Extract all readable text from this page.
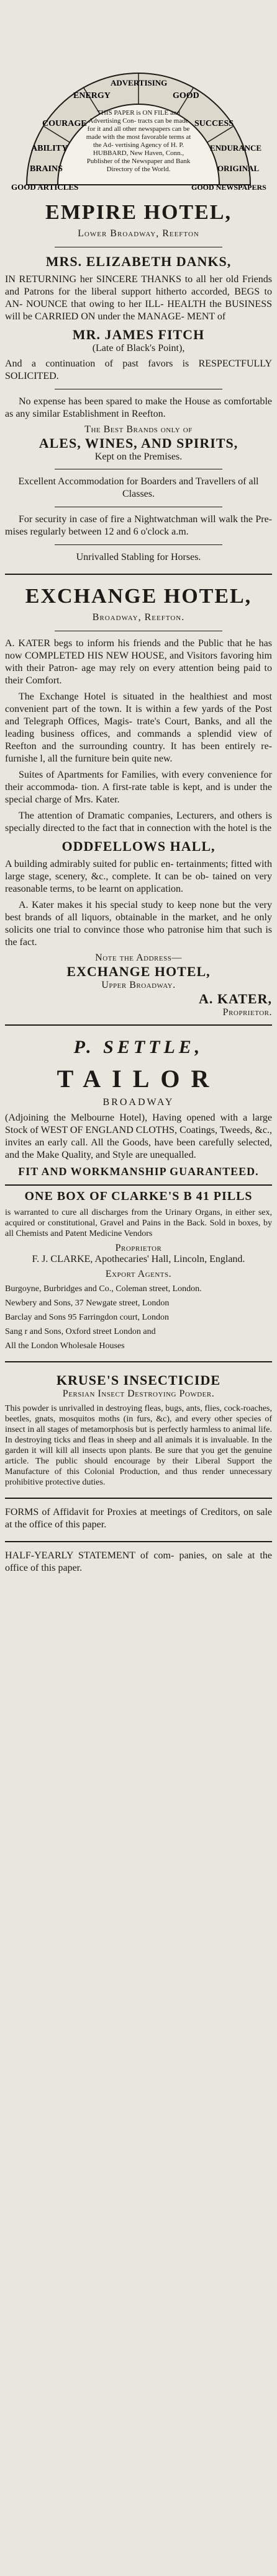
ENERGY
ADVERTISING
GOOD
COURAGE
ABILITY
BRAINS
GOOD ARTICLES
SUCCESS
ENDURANCE
ORIGINAL
GOOD NEWSPAPERS
THIS PAPER is ON FILE and Advertising Con- tracts can be made for it and all other newspapers can be made with the most favorable terms at the Ad- vertising Agency of H. P. HUBBARD, New Haven, Conn., Publisher of the Newspaper and Bank Directory of the World.
EMPIRE HOTEL,
Lower Broadway, Reefton
MRS. ELIZABETH DANKS,

IN RETURNING her SINCERE THANKS to all her old Friends and Patrons for the liberal support hitherto accorded, BEGS to AN- NOUNCE that owing to her ILL- HEALTH the BUSINESS will be CARRIED ON under the MANAGE- MENT of

MR. JAMES FITCH
(Late of Black's Point),

And a continuation of past favors is RESPECTFULLY SOLICITED.

No expense has been spared to make the House as comfortable as any similar Establishment in Reefton.

The Best Brands only of
ALES, WINES, AND SPIRITS,
Kept on the Premises.

Excellent Accommodation for Boarders and Travellers of all Classes.

For security in case of fire a Nightwatchman will walk the Pre- mises regularly between 12 and 6 o'clock a.m.

Unrivalled Stabling for Horses.

EXCHANGE HOTEL,
Broadway, Reefton.

A. KATER begs to inform his friends and the Public that he has now COMPLETED HIS NEW HOUSE, and Visitors favoring him with their Patron- age may rely on every attention being paid to their Comfort.

The Exchange Hotel is situated in the healthiest and most convenient part of the town. It is within a few yards of the Post and Telegraph Offices, Magis- trate's Court, Banks, and all the leading business offices, and commands a splendid view of Reefton and the surrounding country. It has been entirely re-furnishe l, all the furniture bein quite new.

Suites of Apartments for Families, with every convenience for their accommoda- tion. A first-rate table is kept, and is under the special charge of Mrs. Kater.

The attention of Dramatic companies, Lecturers, and others is specially directed to the fact that in connection with the hotel is the

ODDFELLOWS HALL,

A building admirably suited for public en- tertainments; fitted with large stage, scenery, &c., complete. It can be ob- tained on very reasonable terms, to be learnt on application.

A. Kater makes it his special study to keep none but the very best brands of all liquors, obtainable in the market, and he only solicits one trial to convince those who patronise him that such is the fact.

Note the Address—
EXCHANGE HOTEL,
Upper Broadway.
A. KATER,
Proprietor.
P. SETTLE,
TAILOR
BROADWAY

(Adjoining the Melbourne Hotel), Having opened with a large Stock of WEST OF ENGLAND CLOTHS, Coatings, Tweeds, &c., invites an early call. All the Goods, have been carefully selected, and the Make Quality, and Style are unequalled.

FIT AND WORKMANSHIP GUARANTEED.
ONE BOX OF CLARKE'S B 41 PILLS

is warranted to cure all discharges from the Urinary Organs, in either sex, acquired or constitutional, Gravel and Pains in the Back. Sold in boxes, by all Chemists and Patent Medicine Vendors

Proprietor
F. J. CLARKE, Apothecaries' Hall, Lincoln, England.
Export Agents.

Burgoyne, Burbridges and Co., Coleman street, London.

Newbery and Sons, 37 Newgate street, London

Barclay and Sons 95 Farringdon court, London

Sang r and Sons, Oxford street London and

All the London Wholesale Houses

KRUSE'S INSECTICIDE
Persian Insect Destroying Powder.

This powder is unrivalled in destroying fleas, bugs, ants, flies, cock-roaches, beetles, gnats, mosquitos moths (in furs, &c), and every other species of insect in all stages of metamorphosis but is perfectly harmless to animal life. In destroying ticks and fleas in sheep and all animals it is invaluable. In the garden it will kill all insects upon plants. Be sure that you get the genuine article. The public should encourage by their Liberal Support the Manufacture of this Colonial Production, and thus render unnecessary prohibitive protective duties.

FORMS of Affidavit for Proxies at meetings of Creditors, on sale at the office of this paper.

HALF-YEARLY STATEMENT of com- panies, on sale at the office of this paper.
